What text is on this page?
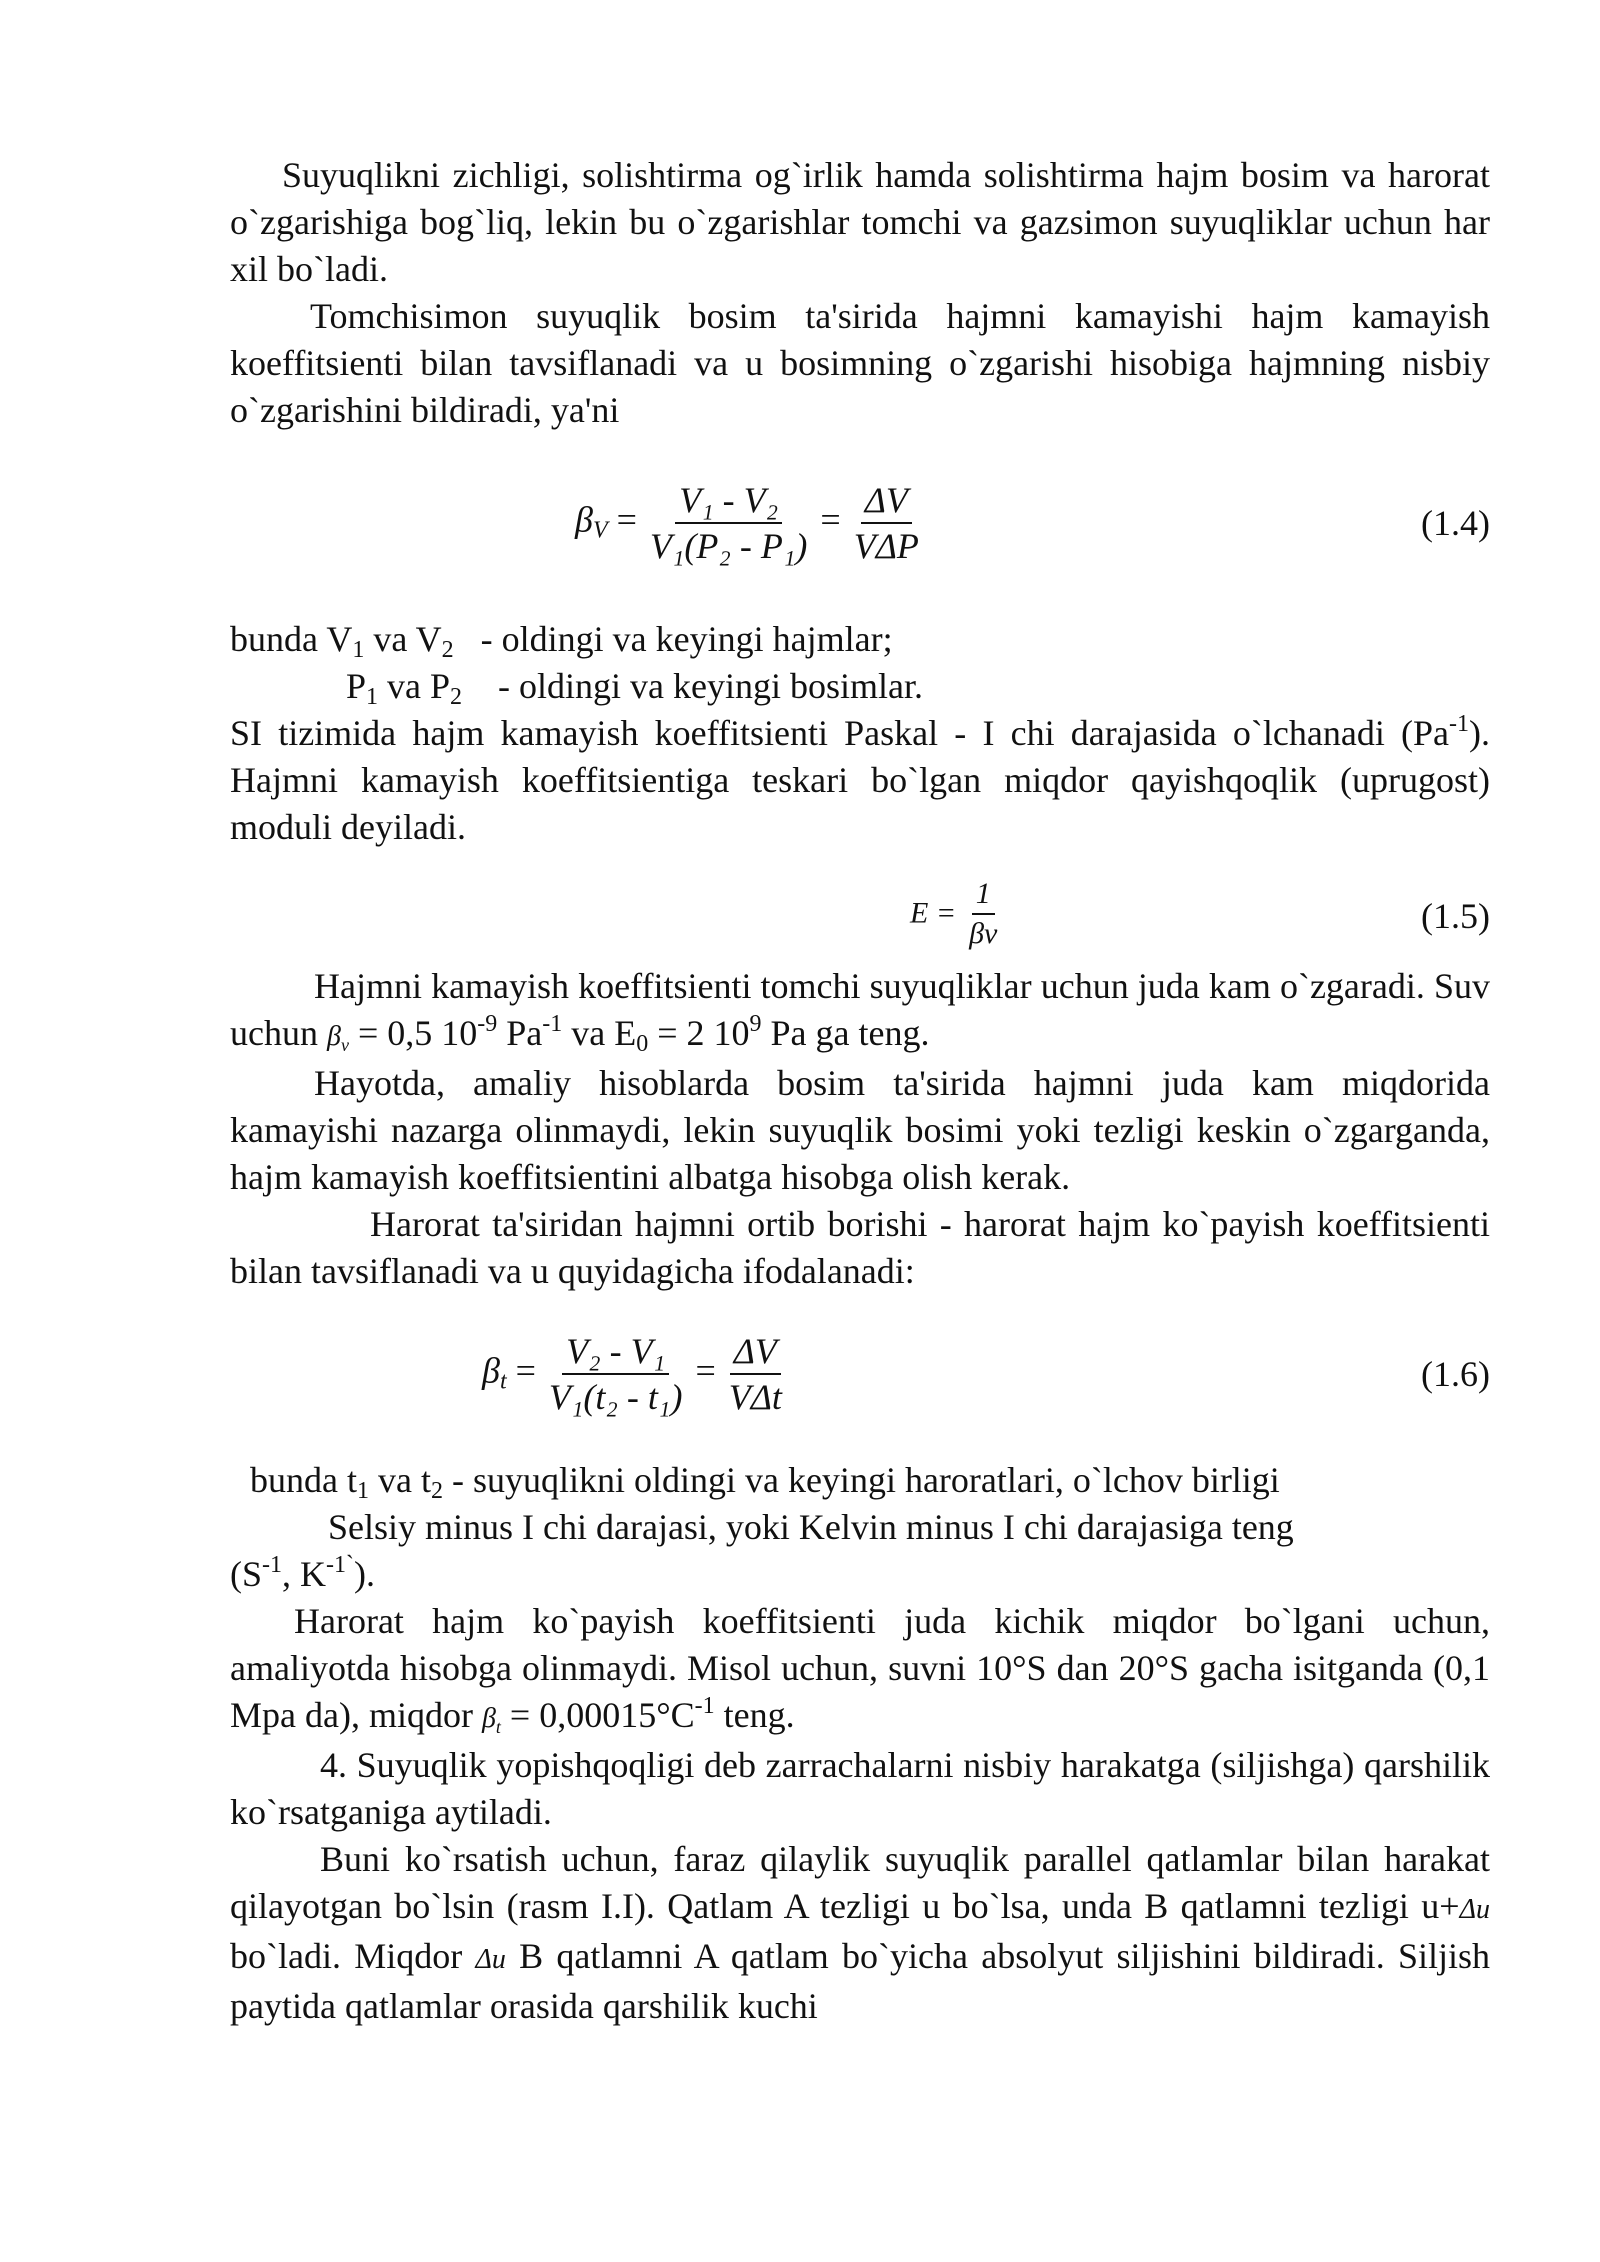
Suyuqlikni zichligi, solishtirma og`irlik hamda solishtirma hajm bosim va harorat o`zgarishiga bog`liq, lekin bu o`zgarishlar tomchi va gazsimon suyuqliklar uchun har xil bo`ladi.

Tomchisimon suyuqlik bosim ta'sirida hajmni kamayishi hajm kamayish koeffitsienti bilan tavsiflanadi va u bosimning o`zgarishi hisobiga hajmning nisbiy o`zgarishini bildiradi, ya'ni

$\beta_V = \frac{\text{V₁ - V₂}}{\text{V₁(P₂ - P₁)}} = \frac{\Delta V}{\text{VΔP}}$	(1.4)

bunda $V_1$ va $V_2$   - oldingi va keyingi hajmlar;

$P_1$ va $P_2$    - oldingi va keyingi bosimlar.

SI tizimida hajm kamayish koeffitsienti Paskal - I chi darajasida o`lchanadi $(Pa^{-1})$. Hajmni kamayish koeffitsientiga teskari bo`lgan miqdor qayishqoqlik (uprugost) moduli deyiladi.

$E = \frac{1}{\beta v}$	(1.5)

Hajmni kamayish koeffitsienti tomchi suyuqliklar uchun juda kam o`zgaradi. Suv uchun $\beta_v = 0,5$ $10^{-9}$ $Pa^{-1}$ va $E_0 = 2$ $10^9$ Pa ga teng.

Hayotda, amaliy hisoblarda bosim ta'sirida hajmni juda kam miqdorida kamayishi nazarga olinmaydi, lekin suyuqlik bosimi yoki tezligi keskin o`zgarganda, hajm kamayish koeffitsientini albatga hisobga olish kerak.

Harorat ta'siridan hajmni ortib borishi - harorat hajm ko`payish koeffitsienti bilan tavsiflanadi va u quyidagicha ifodalanadi:

$\beta_t = \frac{\text{V₂ - V₁}}{\text{V₁(t₂ - t₁)}} = \frac{\Delta V}{\text{VΔt}}$	(1.6)

bunda $t_1$ va $t_2$ - suyuqlikni oldingi va keyingi haroratlari, o`lchov birligi

Selsiy minus I chi darajasi, yoki Kelvin minus I chi darajasiga teng

($S^{-1}$, $K^{-1`}$).

Harorat hajm ko`payish koeffitsienti juda kichik miqdor bo`lgani uchun, amaliyotda hisobga olinmaydi. Misol uchun, suvni 10°S dan 20°S gacha isitganda (0,1 Mpa da), miqdor $\beta_t = 0,00015^\circ C^{-1}$ teng.

4. Suyuqlik yopishqoqligi deb zarrachalarni nisbiy harakatga (siljishga) qarshilik ko`rsatganiga aytiladi.

Buni ko`rsatish uchun, faraz qilaylik suyuqlik parallel qatlamlar bilan harakat qilayotgan bo`lsin (rasm I.I). Qatlam A tezligi u bo`lsa, unda B qatlamni tezligi u+Δu bo`ladi. Miqdor Δu B qatlamni A qatlam bo`yicha absolyut siljishini bildiradi. Siljish paytida qatlamlar orasida qarshilik kuchi
